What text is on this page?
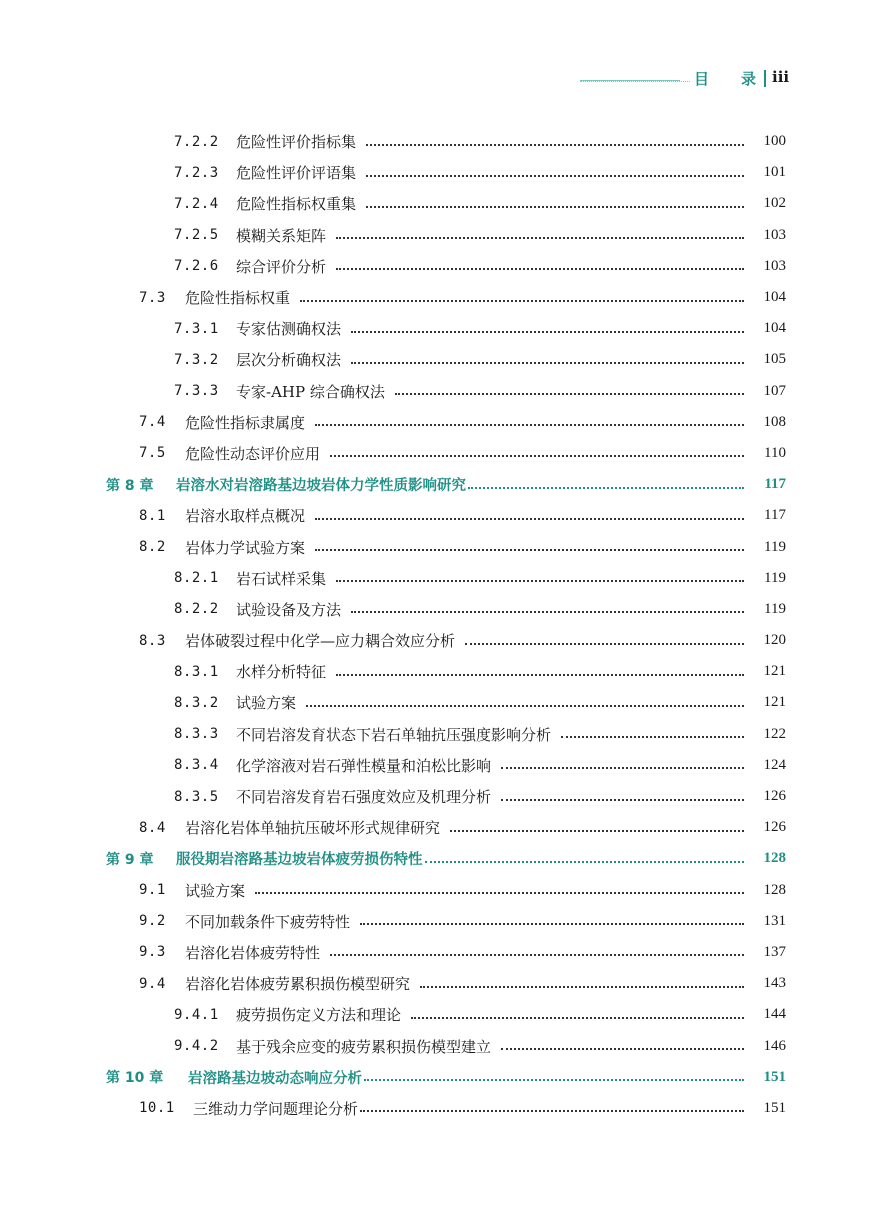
目 录 iii
7.2.2	危险性评价指标集	100
7.2.3	危险性评价评语集	101
7.2.4	危险性指标权重集	102
7.2.5	模糊关系矩阵	103
7.2.6	综合评价分析	103
7.3	危险性指标权重	104
7.3.1	专家估测确权法	104
7.3.2	层次分析确权法	105
7.3.3	专家-AHP 综合确权法	107
7.4	危险性指标隶属度	108
7.5	危险性动态评价应用	110
第 8 章	岩溶水对岩溶路基边坡岩体力学性质影响研究	117
8.1	岩溶水取样点概况	117
8.2	岩体力学试验方案	119
8.2.1	岩石试样采集	119
8.2.2	试验设备及方法	119
8.3	岩体破裂过程中化学—应力耦合效应分析	120
8.3.1	水样分析特征	121
8.3.2	试验方案	121
8.3.3	不同岩溶发育状态下岩石单轴抗压强度影响分析	122
8.3.4	化学溶液对岩石弹性模量和泊松比影响	124
8.3.5	不同岩溶发育岩石强度效应及机理分析	126
8.4	岩溶化岩体单轴抗压破坏形式规律研究	126
第 9 章	服役期岩溶路基边坡岩体疲劳损伤特性	128
9.1	试验方案	128
9.2	不同加载条件下疲劳特性	131
9.3	岩溶化岩体疲劳特性	137
9.4	岩溶化岩体疲劳累积损伤模型研究	143
9.4.1	疲劳损伤定义方法和理论	144
9.4.2	基于残余应变的疲劳累积损伤模型建立	146
第 10 章	岩溶路基边坡动态响应分析	151
10.1	三维动力学问题理论分析	151
